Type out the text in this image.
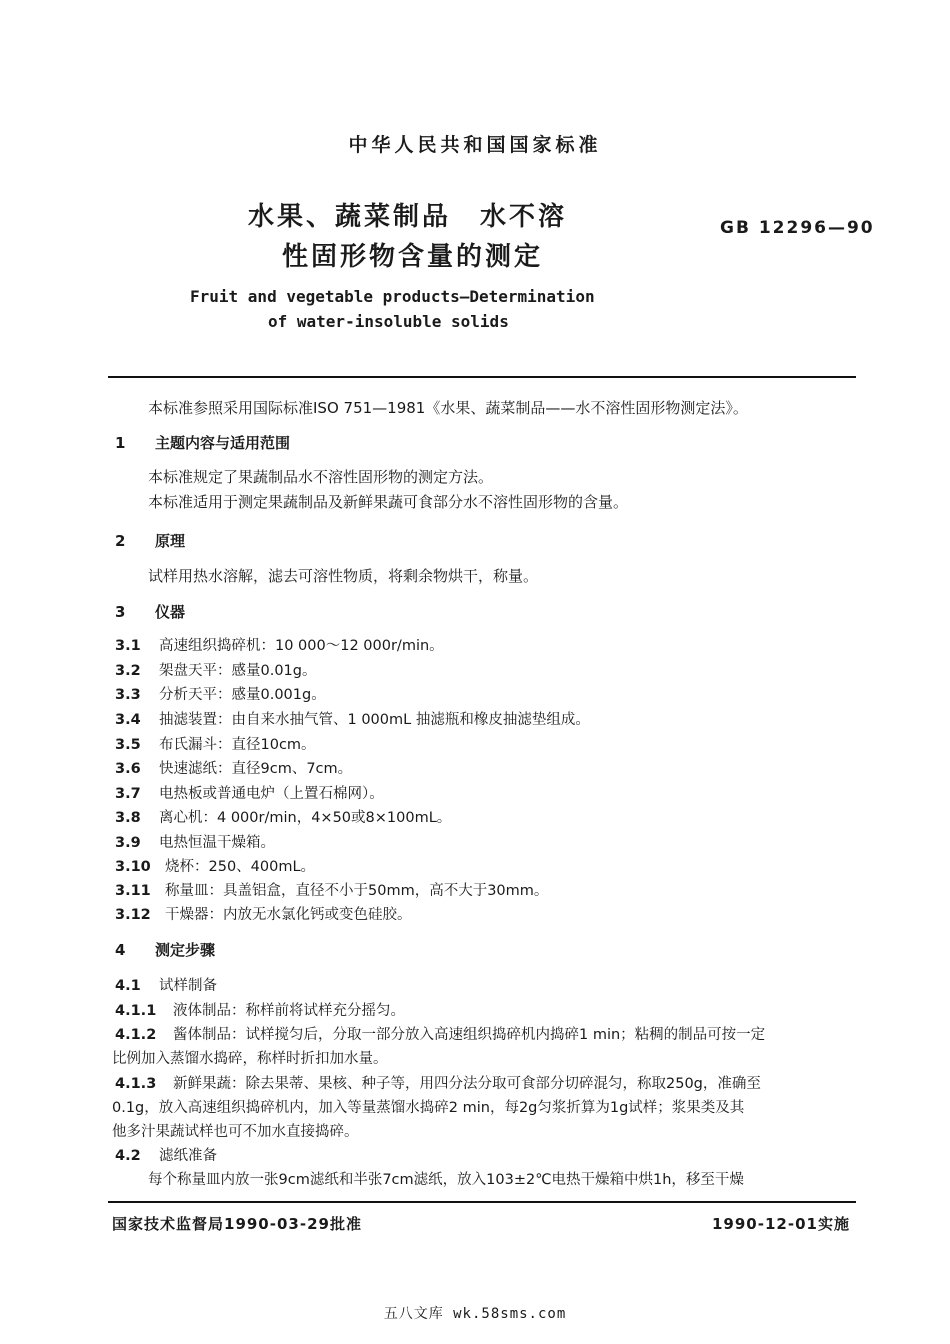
中华人民共和国国家标准
水果、蔬菜制品　水不溶
性固形物含量的测定
GB 12296—90
Fruit and vegetable products—Determination
of water-insoluble solids
本标准参照采用国际标准ISO 751—1981《水果、蔬菜制品——水不溶性固形物测定法》。
1 主题内容与适用范围
本标准规定了果蔬制品水不溶性固形物的测定方法。
本标准适用于测定果蔬制品及新鲜果蔬可食部分水不溶性固形物的含量。
2 原理
试样用热水溶解，滤去可溶性物质，将剩余物烘干，称量。
3 仪器
3.1 高速组织捣碎机：10 000～12 000r/min。
3.2 架盘天平：感量0.01g。
3.3 分析天平：感量0.001g。
3.4 抽滤装置：由自来水抽气管、1 000mL 抽滤瓶和橡皮抽滤垫组成。
3.5 布氏漏斗：直径10cm。
3.6 快速滤纸：直径9cm、7cm。
3.7 电热板或普通电炉（上置石棉网）。
3.8 离心机：4 000r/min，4×50或8×100mL。
3.9 电热恒温干燥箱。
3.10 烧杯：250、400mL。
3.11 称量皿：具盖铝盒，直径不小于50mm，高不大于30mm。
3.12 干燥器：内放无水氯化钙或变色硅胶。
4 测定步骤
4.1 试样制备
4.1.1 液体制品：称样前将试样充分摇匀。
4.1.2 酱体制品：试样搅匀后，分取一部分放入高速组织捣碎机内捣碎1 min；粘稠的制品可按一定
比例加入蒸馏水捣碎，称样时折扣加水量。
4.1.3 新鲜果蔬：除去果蒂、果核、种子等，用四分法分取可食部分切碎混匀，称取250g，准确至
0.1g，放入高速组织捣碎机内，加入等量蒸馏水捣碎2 min，每2g匀浆折算为1g试样；浆果类及其
他多汁果蔬试样也可不加水直接捣碎。
4.2 滤纸准备
每个称量皿内放一张9cm滤纸和半张7cm滤纸，放入103±2℃电热干燥箱中烘1h，移至干燥
国家技术监督局1990-03-29批准	1990-12-01实施
五八文库 wk.58sms.com
